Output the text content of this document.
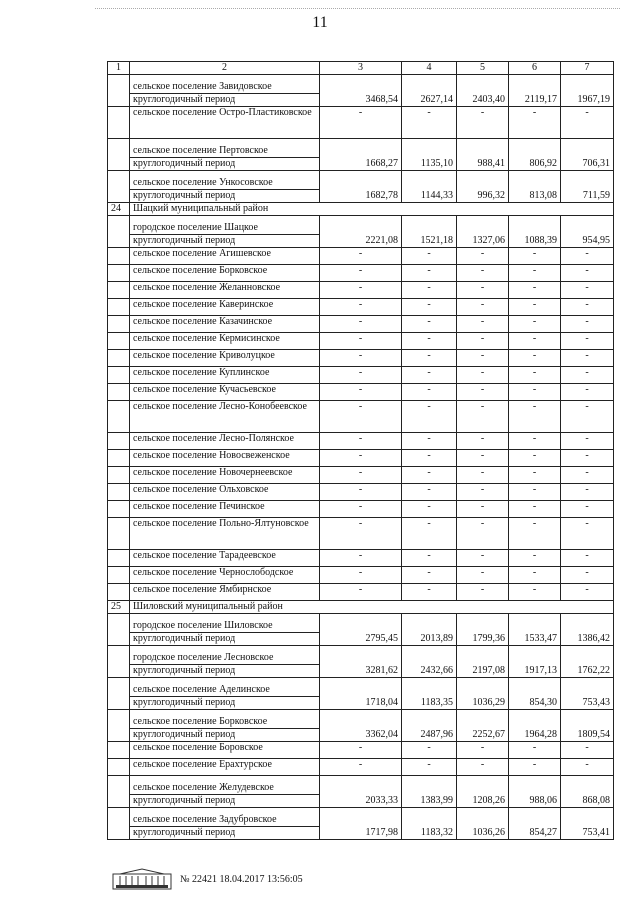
11
1	2	3	4	5	6	7

	сельское поселение Завидовское
круглогодичный период	3468,54	2627,14	2403,40	2119,17	1967,19

	сельское поселение Остро-Пластиковское	-	-	-	-	-

	сельское поселение Пертовское
круглогодичный период	1668,27	1135,10	988,41	806,92	706,31

	сельское поселение Ункосовское
круглогодичный период	1682,78	1144,33	996,32	813,08	711,59
24	Шацкий муниципальный район					

	городское поселение Шацкое
круглогодичный период	2221,08	1521,18	1327,06	1088,39	954,95

	сельское поселение Агишевское	-	-	-	-	-

	сельское поселение Борковское	-	-	-	-	-

	сельское поселение Желанновское	-	-	-	-	-

	сельское поселение Каверинское	-	-	-	-	-

	сельское поселение Казачинское	-	-	-	-	-

	сельское поселение Кермисинское	-	-	-	-	-

	сельское поселение Криволуцкое	-	-	-	-	-

	сельское поселение Куплинское	-	-	-	-	-

	сельское поселение Кучасьевское	-	-	-	-	-

	сельское поселение Лесно-Конобеевское	-	-	-	-	-

	сельское поселение Лесно-Полянское	-	-	-	-	-

	сельское поселение Новосвеженское	-	-	-	-	-

	сельское поселение Новочернеевское	-	-	-	-	-

	сельское поселение Ольховское	-	-	-	-	-

	сельское поселение Печинское	-	-	-	-	-

	сельское поселение Польно-Ялтуновское	-	-	-	-	-

	сельское поселение Тарадеевское	-	-	-	-	-

	сельское поселение Чернослободское	-	-	-	-	-

	сельское поселение Ямбирнское	-	-	-	-	-
25	Шиловский муниципальный район					

	городское поселение Шиловское
круглогодичный период	2795,45	2013,89	1799,36	1533,47	1386,42

	городское поселение Лесновское
круглогодичный период	3281,62	2432,66	2197,08	1917,13	1762,22

	сельское поселение Аделинское
круглогодичный период	1718,04	1183,35	1036,29	854,30	753,43

	сельское поселение Борковское
круглогодичный период	3362,04	2487,96	2252,67	1964,28	1809,54

	сельское поселение Боровское	-	-	-	-	-

	сельское поселение Ерахтурское	-	-	-	-	-

	сельское поселение Желудевское
круглогодичный период	2033,33	1383,99	1208,26	988,06	868,08

	сельское поселение Задубровское
круглогодичный период	1717,98	1183,32	1036,26	854,27	753,41
№ 22421 18.04.2017 13:56:05
